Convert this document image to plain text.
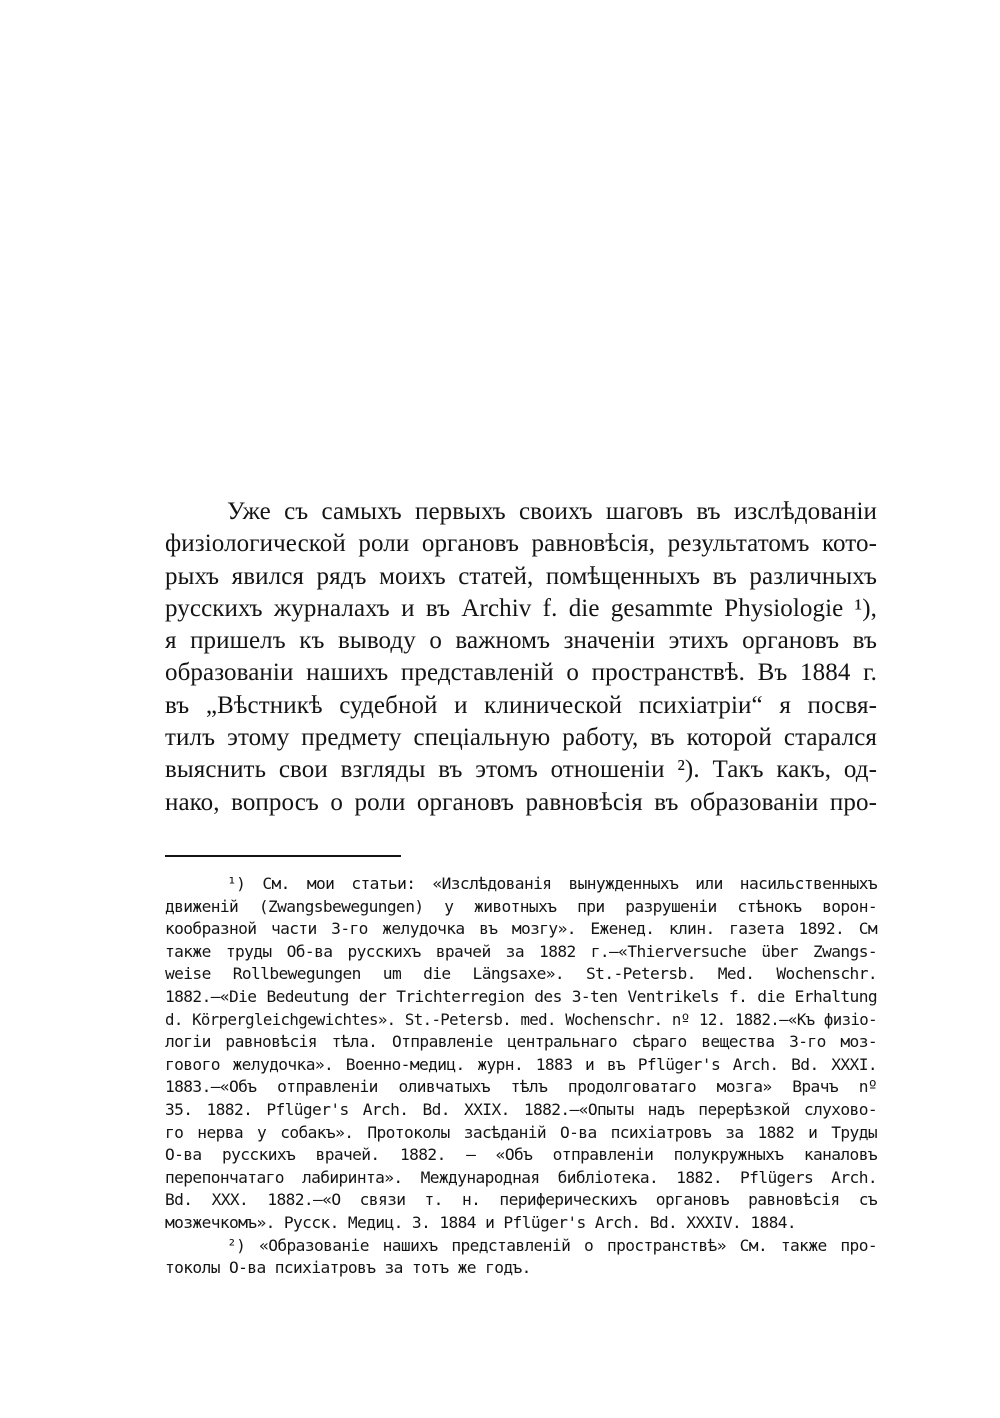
Уже съ самыхъ первыхъ своихъ шаговъ въ изслѣдованіи
физіологической роли органовъ равновѣсія, результатомъ кото-
рыхъ явился рядъ моихъ статей, помѣщенныхъ въ различныхъ
русскихъ журналахъ и въ Archiv f. die gesammte Physiologie ¹),
я пришелъ къ выводу о важномъ значеніи этихъ органовъ въ
образованіи нашихъ представленій о пространствѣ. Въ 1884 г.
въ „Вѣстникѣ судебной и клинической психіатріи“ я посвя-
тилъ этому предмету спеціальную работу, въ которой старался
выяснить свои взгляды въ этомъ отношеніи ²). Такъ какъ, од-
нако, вопросъ о роли органовъ равновѣсія въ образованіи про-
¹) См. мои статьи: «Изслѣдованія вынужденныхъ или насильственныхъ
движеній (Zwangsbewegungen) у животныхъ при разрушеніи стѣнокъ ворон-
кообразной части 3-го желудочка въ мозгу». Еженед. клин. газета 1892. См
также труды Об-ва русскихъ врачей за 1882 г.—«Thierversuche über Zwangs-
weise Rollbewegungen um die Längsaxe». St.-Petersb. Med. Wochenschr.
1882.—«Die Bedeutung der Trichterregion des 3-ten Ventrikels f. die Erhaltung
d. Körpergleichgewichtes». St.-Petersb. med. Wochenschr. nº 12. 1882.—«Къ физіо-
логіи равновѣсія тѣла. Отправленіе центральнаго сѣраго вещества 3-го моз-
гового желудочка». Военно-медиц. журн. 1883 и въ Pflüger's Arch. Bd. XXXI.
1883.—«Объ отправленіи оливчатыхъ тѣлъ продолговатаго мозга» Врачъ nº
35. 1882. Pflüger's Arch. Bd. XXIX. 1882.—«Опыты надъ перерѣзкой слухово-
го нерва у собакъ». Протоколы засѣданій О-ва психіатровъ за 1882 и Труды
О-ва русскихъ врачей. 1882. — «Объ отправленіи полукружныхъ каналовъ
перепончатаго лабиринта». Международная библіотека. 1882. Pflügers Arch.
Bd. XXX. 1882.—«О связи т. н. периферическихъ органовъ равновѣсія съ
мозжечкомъ». Русск. Медиц. 3. 1884 и Pflüger's Arch. Bd. XXXIV. 1884.
²) «Образованіе нашихъ представленій о пространствѣ» См. также про-
токолы О-ва психіатровъ за тотъ же годъ.
